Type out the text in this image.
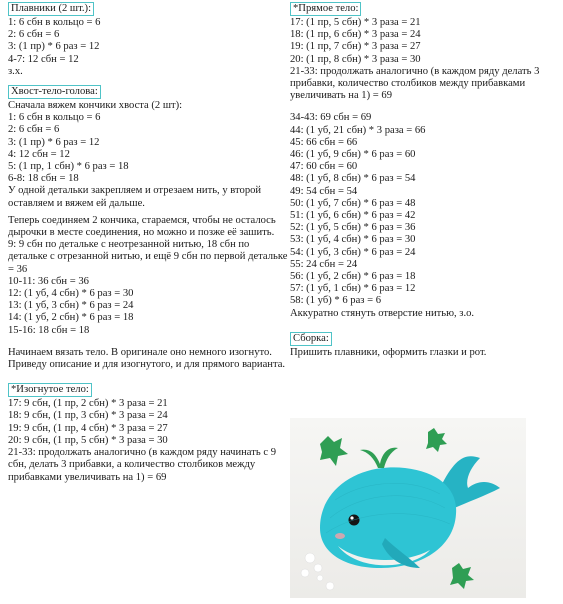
Плавники (2 шт.):
1: 6 сбн в кольцо = 6
2: 6 сбн = 6
3: (1 пр) * 6 раз = 12
4-7: 12 сбн = 12
з.х.
Хвост-тело-голова:
Сначала вяжем кончики хвоста (2 шт):
1: 6 сбн в кольцо = 6
2: 6 сбн = 6
3: (1 пр) * 6 раз = 12
4: 12 сбн = 12
5: (1 пр, 1 сбн) * 6 раз = 18
6-8: 18 сбн = 18
У одной детальки закрепляем и отрезаем нить, у второй оставляем и вяжем ей дальше.
Теперь соединяем 2 кончика, стараемся, чтобы не осталось дырочки в месте соединения, но можно и позже её зашить.
9: 9 сбн по детальке с неотрезанной нитью, 18 сбн по детальке с отрезанной нитью, и ещё 9 сбн по первой детальке = 36
10-11: 36 сбн = 36
12: (1 уб, 4 сбн) * 6 раз = 30
13: (1 уб, 3 сбн) * 6 раз = 24
14: (1 уб, 2 сбн) * 6 раз = 18
15-16: 18 сбн = 18
Начинаем вязать тело. В оригинале оно немного изогнуто. Приведу описание и для изогнутого, и для прямого варианта.
*Изогнутое тело:
17: 9 сбн, (1 пр, 2 сбн) * 3 раза = 21
18: 9 сбн, (1 пр, 3 сбн) * 3 раза = 24
19: 9 сбн, (1 пр, 4 сбн) * 3 раза = 27
20: 9 сбн, (1 пр, 5 сбн) * 3 раза = 30
21-33: продолжать аналогично (в каждом ряду начинать с 9 сбн, делать 3 прибавки, а количество столбиков между прибавками увеличивать на 1) = 69
*Прямое тело:
17: (1 пр, 5 сбн) * 3 раза = 21
18: (1 пр, 6 сбн) * 3 раза = 24
19: (1 пр, 7 сбн) * 3 раза = 27
20: (1 пр, 8 сбн) * 3 раза = 30
21-33: продолжать аналогично (в каждом ряду делать 3 прибавки, количество столбиков между прибавками увеличивать на 1) = 69
34-43: 69 сбн = 69
44: (1 уб, 21 сбн) * 3 раза = 66
45: 66 сбн = 66
46: (1 уб, 9 сбн) * 6 раз = 60
47: 60 сбн = 60
48: (1 уб, 8 сбн) * 6 раз = 54
49: 54 сбн = 54
50: (1 уб, 7 сбн) * 6 раз = 48
51: (1 уб, 6 сбн) * 6 раз = 42
52: (1 уб, 5 сбн) * 6 раз = 36
53: (1 уб, 4 сбн) * 6 раз = 30
54: (1 уб, 3 сбн) * 6 раз = 24
55: 24 сбн = 24
56: (1 уб, 2 сбн) * 6 раз = 18
57: (1 уб, 1 сбн) * 6 раз = 12
58: (1 уб) * 6 раз = 6
Аккуратно стянуть отверстие нитью, з.о.
Сборка:
Пришить плавники, оформить глазки и рот.
